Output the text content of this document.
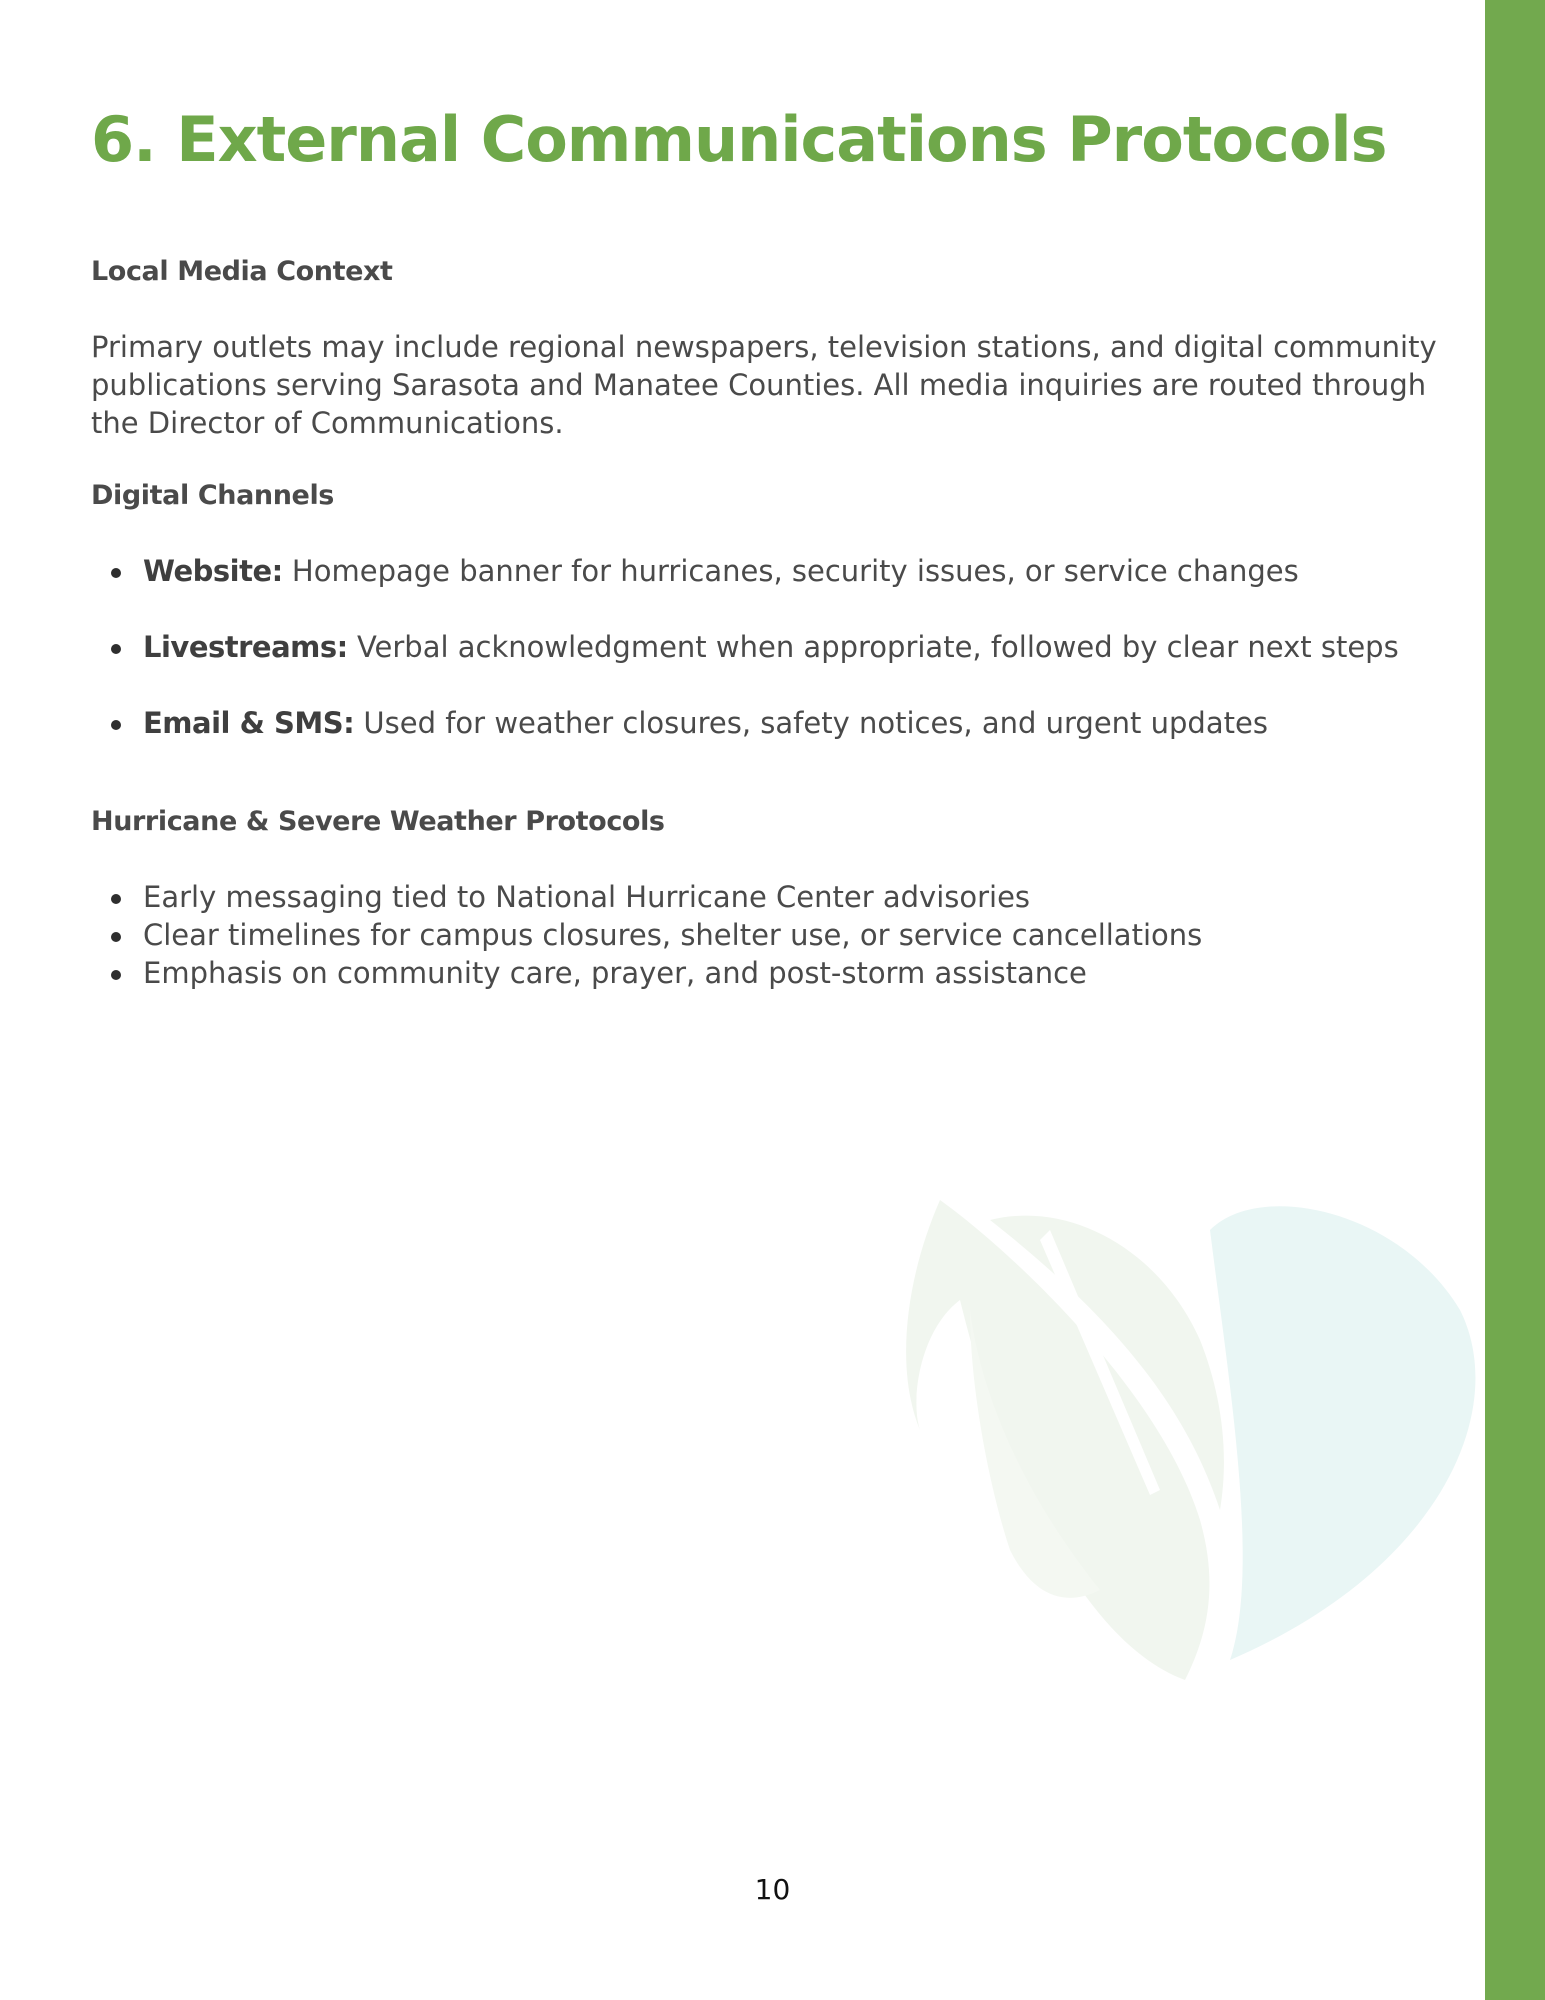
6. External Communications Protocols
Local Media Context

Primary outlets may include regional newspapers, television stations, and digital community publications serving Sarasota and Manatee Counties. All media inquiries are routed through the Director of Communications.

Digital Channels
Website: Homepage banner for hurricanes, security issues, or service changes
Livestreams: Verbal acknowledgment when appropriate, followed by clear next steps
Email & SMS: Used for weather closures, safety notices, and urgent updates
Hurricane & Severe Weather Protocols
Early messaging tied to National Hurricane Center advisories
Clear timelines for campus closures, shelter use, or service cancellations
Emphasis on community care, prayer, and post-storm assistance
10
